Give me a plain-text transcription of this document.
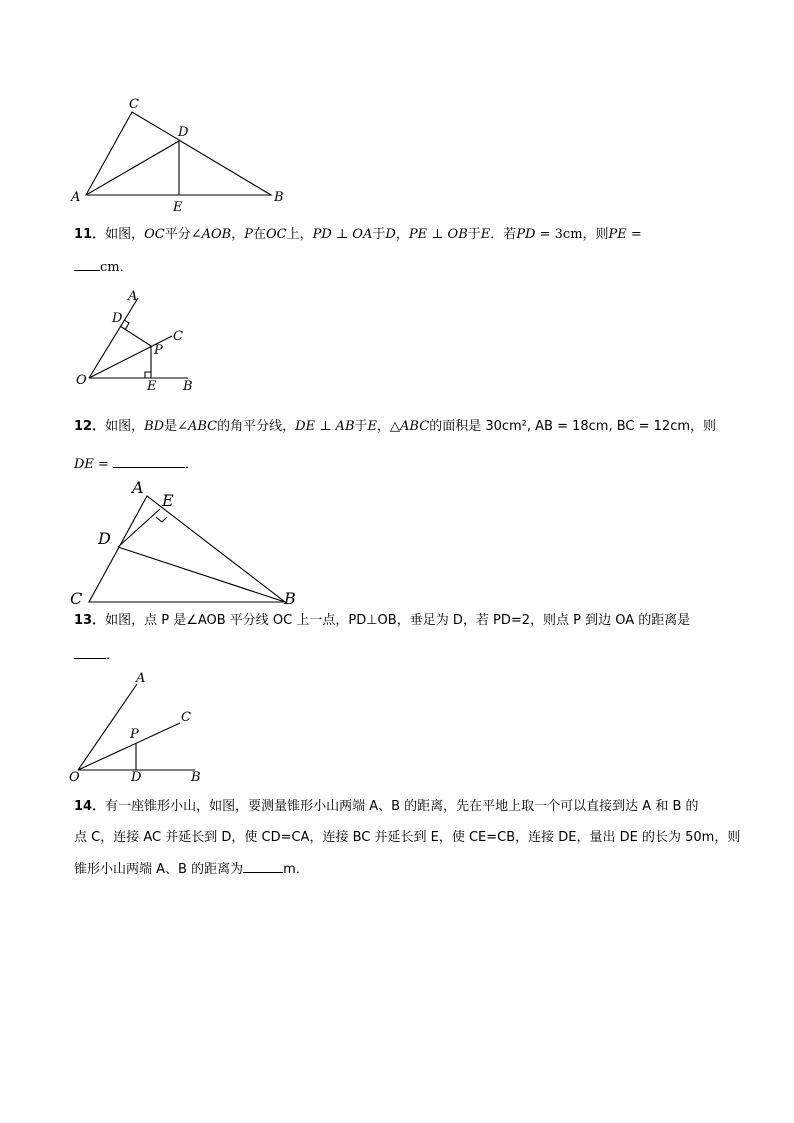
C
D
A	B
E
11．如图，OC平分∠AOB，P在OC上，PD ⊥ OA于D，PE ⊥ OB于E．若PD = 3cm，则PE =
cm．
A
D
C
P
O	E B
12．如图，BD是∠ABC的角平分线，DE ⊥ AB于E，△ABC的面积是 30cm², AB = 18cm, BC = 12cm，则
DE =	．
A
E
D
C	B
13．如图，点 P 是∠AOB 平分线 OC 上一点，PD⊥OB，垂足为 D，若 PD=2，则点 P 到边 OA 的距离是
．
A
C
P
O	D	B
14．有一座锥形小山，如图，要测量锥形小山两端 A、B 的距离，先在平地上取一个可以直接到达 A 和 B 的
点 C，连接 AC 并延长到 D，使 CD=CA，连接 BC 并延长到 E，使 CE=CB，连接 DE，量出 DE 的长为 50m，则
锥形小山两端 A、B 的距离为	m．
